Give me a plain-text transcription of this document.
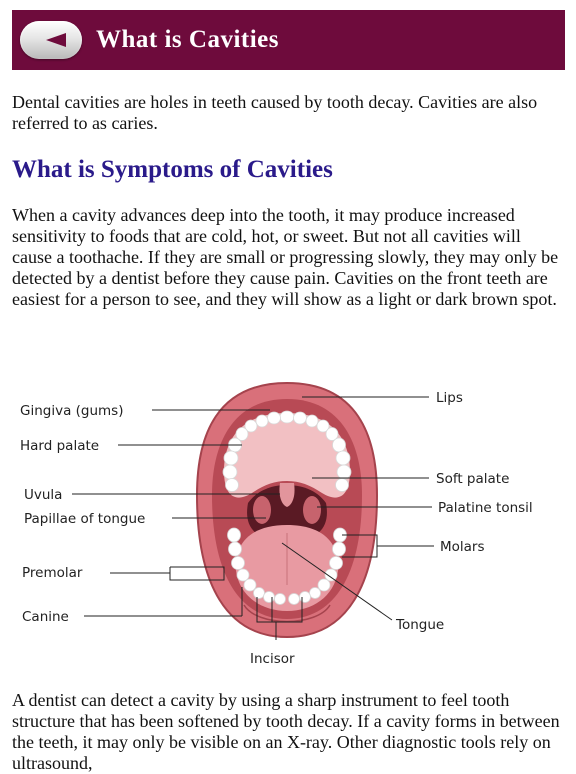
What is Cavities

Dental cavities are holes in teeth caused by tooth decay. Cavities are also referred to as caries.

What is Symptoms of Cavities

When a cavity advances deep into the tooth, it may produce increased sensitivity to foods that are cold, hot, or sweet. But not all cavities will cause a toothache. If they are small or progressing slowly, they may only be detected by a dentist before they cause pain. Cavities on the front teeth are easiest for a person to see, and they will show as a light or dark brown spot.

Lips
Gingiva (gums)
Hard palate
Soft palate
Uvula
Palatine tonsil
Papillae of tongue
Molars
Premolar
Canine	Tongue
Incisor

A dentist can detect a cavity by using a sharp instrument to feel tooth structure that has been softened by tooth decay. If a cavity forms in between the teeth, it may only be visible on an X-ray. Other diagnostic tools rely on ultrasound,
